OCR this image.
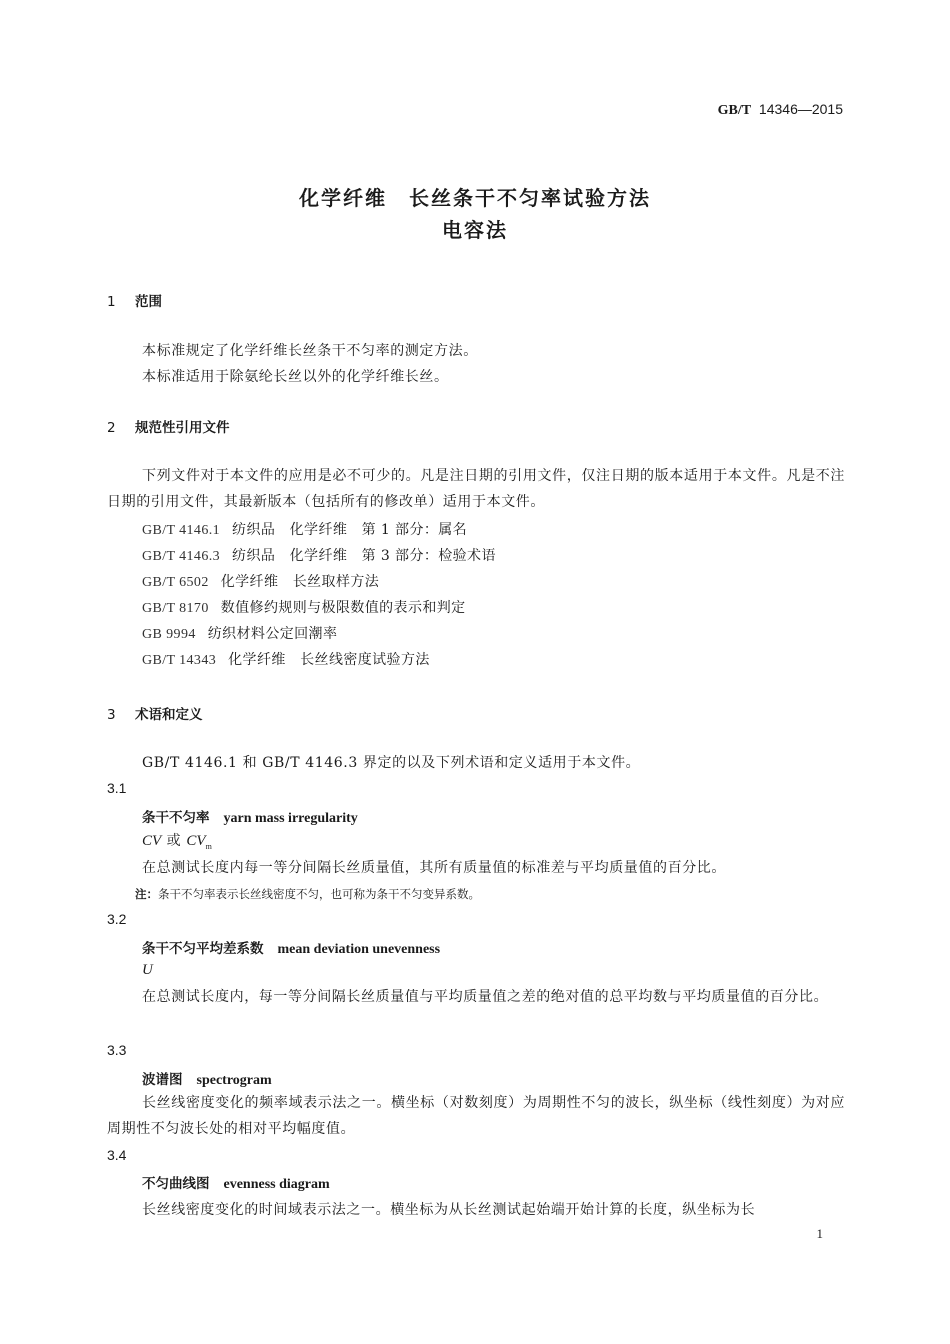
GB/T 14346—2015
化学纤维　长丝条干不匀率试验方法
电容法
1 范围
本标准规定了化学纤维长丝条干不匀率的测定方法。
本标准适用于除氨纶长丝以外的化学纤维长丝。
2 规范性引用文件
下列文件对于本文件的应用是必不可少的。凡是注日期的引用文件，仅注日期的版本适用于本文件。凡是不注日期的引用文件，其最新版本（包括所有的修改单）适用于本文件。
GB/T 4146.1 纺织品　化学纤维　第 1 部分：属名
GB/T 4146.3 纺织品　化学纤维　第 3 部分：检验术语
GB/T 6502 化学纤维　长丝取样方法
GB/T 8170 数值修约规则与极限数值的表示和判定
GB 9994 纺织材料公定回潮率
GB/T 14343 化学纤维　长丝线密度试验方法
3 术语和定义
GB/T 4146.1 和 GB/T 4146.3 界定的以及下列术语和定义适用于本文件。
3.1
条干不匀率 yarn mass irregularity
CV 或 $CV_m$
在总测试长度内每一等分间隔长丝质量值，其所有质量值的标准差与平均质量值的百分比。
注：条干不匀率表示长丝线密度不匀，也可称为条干不匀变异系数。
3.2
条干不匀平均差系数 mean deviation unevenness
U
在总测试长度内，每一等分间隔长丝质量值与平均质量值之差的绝对值的总平均数与平均质量值的百分比。
3.3
波谱图 spectrogram
长丝线密度变化的频率域表示法之一。横坐标（对数刻度）为周期性不匀的波长，纵坐标（线性刻度）为对应周期性不匀波长处的相对平均幅度值。
3.4
不匀曲线图 evenness diagram
长丝线密度变化的时间域表示法之一。横坐标为从长丝测试起始端开始计算的长度，纵坐标为长
1
